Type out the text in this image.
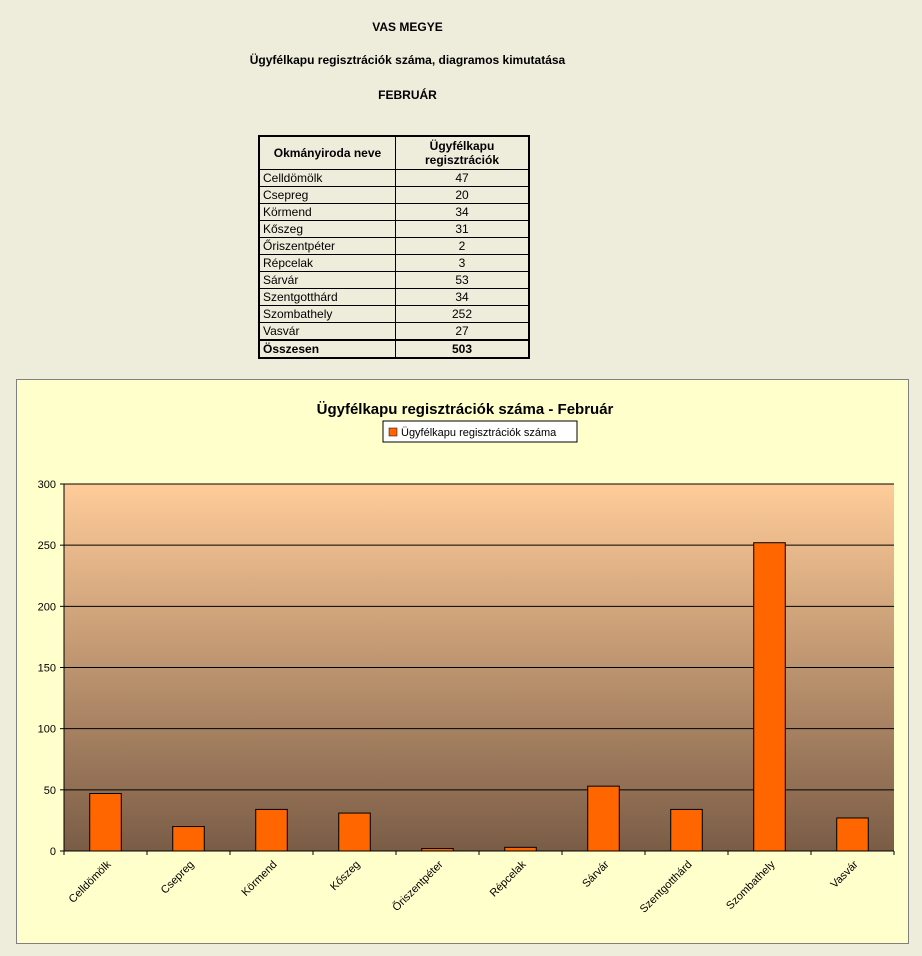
VAS MEGYE
Ügyfélkapu regisztrációk száma, diagramos kimutatása
FEBRUÁR
Okmányiroda neve	Ügyfélkapu regisztrációk
Celldömölk	47
Csepreg	20
Körmend	34
Kőszeg	31
Őriszentpéter	2
Répcelak	3
Sárvár	53
Szentgotthárd	34
Szombathely	252
Vasvár	27
Összesen	503
Ügyfélkapu regisztrációk száma - Február
Ügyfélkapu regisztrációk száma
0
50
100
150
200
250
300
Celldömölk	Csepreg	Körmend	Kőszeg	Őriszentpéter	Répcelak	Sárvár Szentgotthárd	Szombathely	Vasvár
